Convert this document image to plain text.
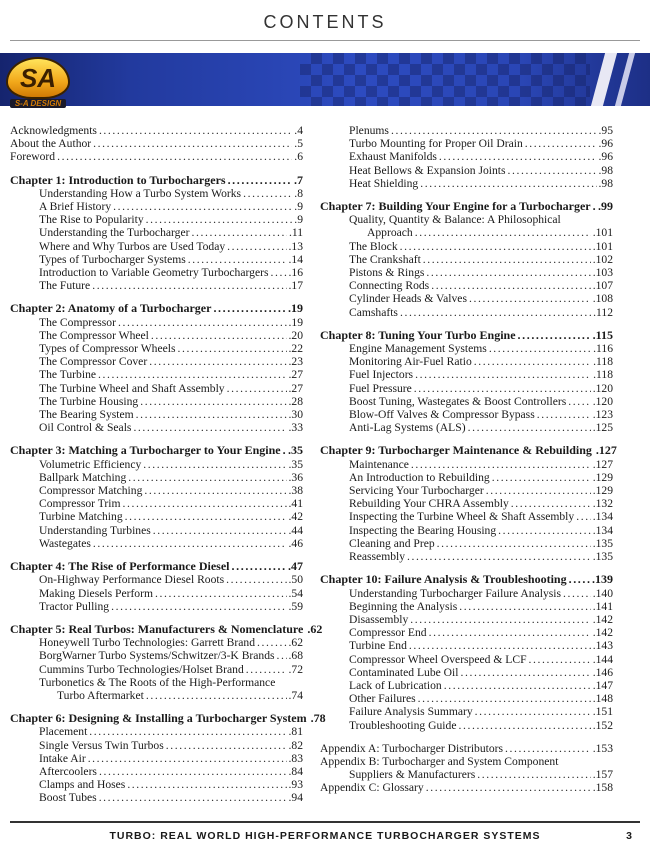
CONTENTS
SA
S-A DESIGN
Acknowledgments .....	.4
About the Author .....	.5
Foreword .....	.6
Chapter 1: Introduction to Turbochargers .....	.7
Understanding How a Turbo System Works .....	.8
A Brief History .....	.9
The Rise to Popularity .....	.9
Understanding the Turbocharger .....	.11
Where and Why Turbos are Used Today .....	.13
Types of Turbocharger Systems .....	.14
Introduction to Variable Geometry Turbochargers ..... .16
The Future .....	.17
Chapter 2: Anatomy of a Turbocharger .....	.19
The Compressor .....	.19
The Compressor Wheel .....	.20
Types of Compressor Wheels .....	.22
The Compressor Cover .....	.23
The Turbine .....	.27
The Turbine Wheel and Shaft Assembly .....	.27
The Turbine Housing .....	.28
The Bearing System .....	.30
Oil Control & Seals .....	.33
Chapter 3: Matching a Turbocharger to Your Engine ..... .35
Volumetric Efficiency .....	.35
Ballpark Matching .....	.36
Compressor Matching .....	.38
Compressor Trim .....	.41
Turbine Matching .....	.42
Understanding Turbines .....	.44
Wastegates .....	.46
Chapter 4: The Rise of Performance Diesel .....	.47
On-Highway Performance Diesel Roots .....	.50
Making Diesels Perform .....	.54
Tractor Pulling .....	.59
Chapter 5: Real Turbos: Manufacturers & Nomenclature .62
Honeywell Turbo Technologies: Garrett Brand .....	.62
BorgWarner Turbo Systems/Schwitzer/3-K Brands ..... .68
Cummins Turbo Technologies/Holset Brand .....	.72
Turbonetics & The Roots of the High-Performance
Turbo Aftermarket .....	.74
Chapter 6: Designing & Installing a Turbocharger System .78
Placement .....	.81
Single Versus Twin Turbos .....	.82
Intake Air .....	.83
Aftercoolers .....	.84
Clamps and Hoses .....	.93
Boost Tubes .....	.94
Plenums .....	.95
Turbo Mounting for Proper Oil Drain .....	.96
Exhaust Manifolds .....	.96
Heat Bellows & Expansion Joints .....	.98
Heat Shielding .....	.98
Chapter 7: Building Your Engine for a Turbocharger ..... .99
Quality, Quantity & Balance: A Philosophical
Approach .....	.101
The Block .....	.101
The Crankshaft .....	.102
Pistons & Rings .....	.103
Connecting Rods .....	.107
Cylinder Heads & Valves .....	.108
Camshafts .....	.112
Chapter 8: Tuning Your Turbo Engine .....	.115
Engine Management Systems .....	.116
Monitoring Air-Fuel Ratio .....	.118
Fuel Injectors .....	.118
Fuel Pressure .....	.120
Boost Tuning, Wastegates & Boost Controllers ..... .120
Blow-Off Valves & Compressor Bypass .....	.123
Anti-Lag Systems (ALS) .....	.125
Chapter 9: Turbocharger Maintenance & Rebuilding .127
Maintenance .....	.127
An Introduction to Rebuilding .....	.129
Servicing Your Turbocharger .....	.129
Rebuilding Your CHRA Assembly .....	.132
Inspecting the Turbine Wheel & Shaft Assembly ..... .134
Inspecting the Bearing Housing .....	.134
Cleaning and Prep .....	.135
Reassembly .....	.135
Chapter 10: Failure Analysis & Troubleshooting ..... .139
Understanding Turbocharger Failure Analysis .....	.140
Beginning the Analysis .....	.141
Disassembly .....	.142
Compressor End .....	.142
Turbine End .....	.143
Compressor Wheel Overspeed & LCF .....	.144
Contaminated Lube Oil .....	.146
Lack of Lubrication .....	.147
Other Failures .....	.148
Failure Analysis Summary .....	.151
Troubleshooting Guide .....	.152
Appendix A: Turbocharger Distributors .....	.153
Appendix B: Turbocharger and System Component
Suppliers & Manufacturers .....	.157
Appendix C: Glossary .....	.158
TURBO: REAL WORLD HIGH-PERFORMANCE TURBOCHARGER SYSTEMS	3
